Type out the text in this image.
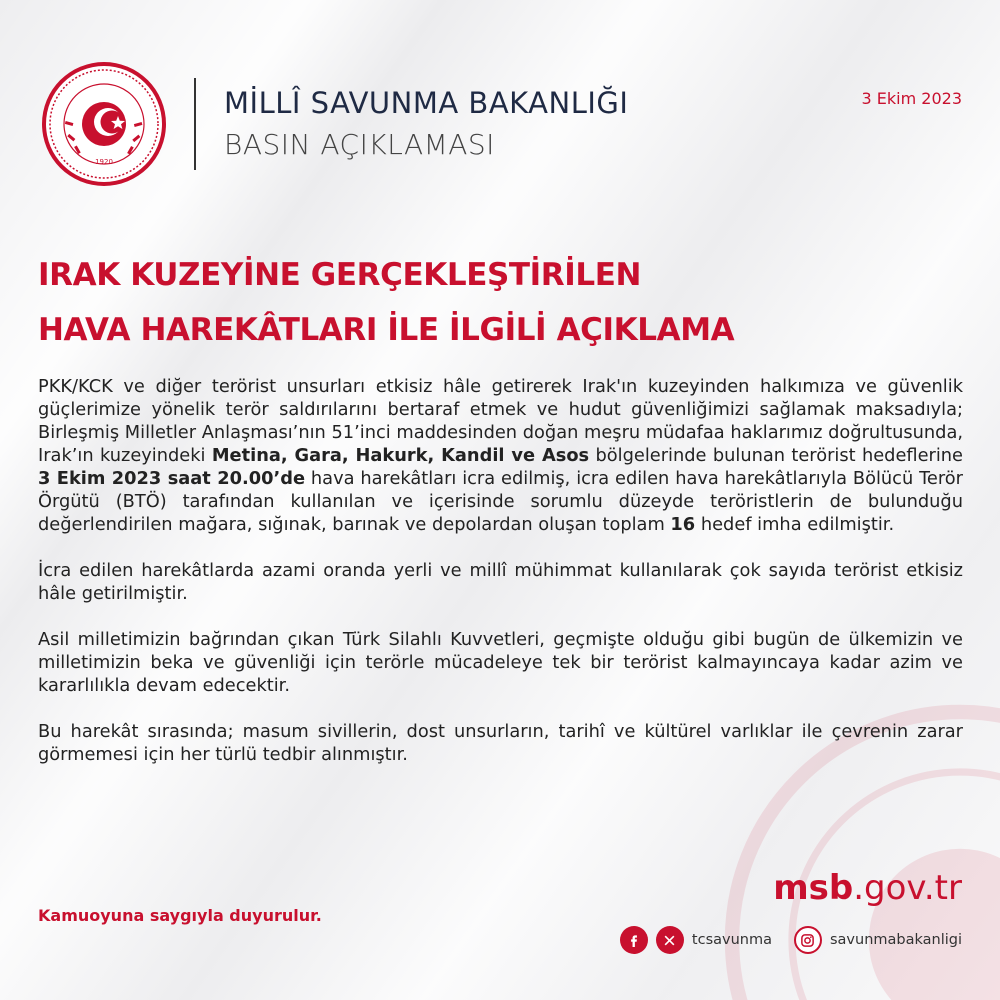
1920
MİLLÎ SAVUNMA BAKANLIĞI
BASIN AÇIKLAMASI
3 Ekim 2023
IRAK KUZEYİNE GERÇEKLEŞTİRİLEN
HAVA HAREKÂTLARI İLE İLGİLİ AÇIKLAMA

PKK/KCK ve diğer terörist unsurları etkisiz hâle getirerek Irak'ın kuzeyinden halkımıza ve güvenlik güçlerimize yönelik terör saldırılarını bertaraf etmek ve hudut güvenliğimizi sağlamak maksadıyla; Birleşmiş Milletler Anlaşması’nın 51’inci maddesinden doğan meşru müdafaa haklarımız doğrultusunda, Irak’ın kuzeyindeki Metina, Gara, Hakurk, Kandil ve Asos bölgelerinde bulunan terörist hedeflerine 3 Ekim 2023 saat 20.00’de hava harekâtları icra edilmiş, icra edilen hava harekâtlarıyla Bölücü Terör Örgütü (BTÖ) tarafından kullanılan ve içerisinde sorumlu düzeyde teröristlerin de bulunduğu değerlendirilen mağara, sığınak, barınak ve depolardan oluşan toplam 16 hedef imha edilmiştir.

İcra edilen harekâtlarda azami oranda yerli ve millî mühimmat kullanılarak çok sayıda terörist etkisiz hâle getirilmiştir.

Asil milletimizin bağrından çıkan Türk Silahlı Kuvvetleri, geçmişte olduğu gibi bugün de ülkemizin ve milletimizin beka ve güvenliği için terörle mücadeleye tek bir terörist kalmayıncaya kadar azim ve kararlılıkla devam edecektir.

Bu harekât sırasında; masum sivillerin, dost unsurların, tarihî ve kültürel varlıklar ile çevrenin zarar görmemesi için her türlü tedbir alınmıştır.

Kamuoyuna saygıyla duyurulur.
msb.gov.tr
tcsavunma	savunmabakanligi
